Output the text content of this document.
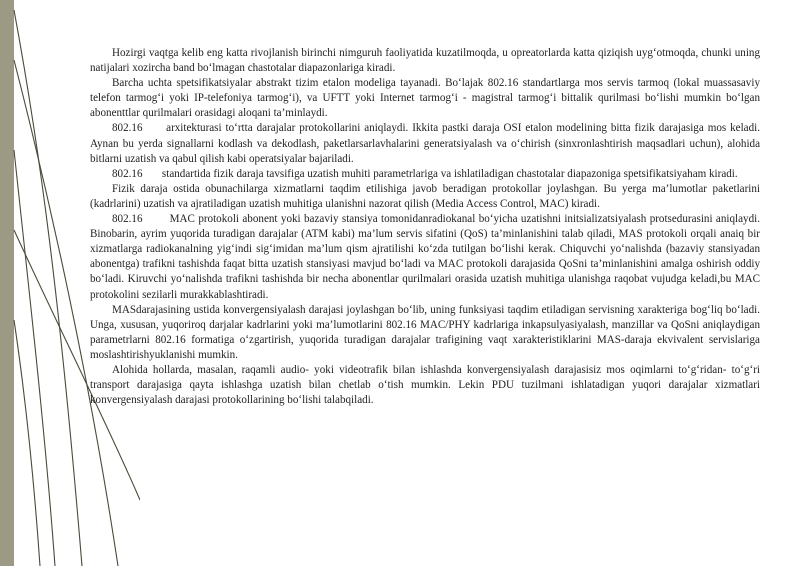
Hozirgi vaqtga kelib eng katta rivojlanish birinchi nimguruh faoliyatida kuzatilmoqda, u opreatorlarda katta qiziqish uyg‘otmoqda, chunki uning natijalari xozircha band bo‘lmagan chastotalar diapazonlariga kiradi.

Barcha uchta spetsifikatsiyalar abstrakt tizim etalon modeliga tayanadi. Bo‘lajak 802.16 standartlarga mos servis tarmoq (lokal muassasaviy telefon tarmog‘i yoki IP-telefoniya tarmog‘i), va UFTT yoki Internet tarmog‘i - magistral tarmog‘i bittalik qurilmasi bo‘lishi mumkin bo‘lgan abonenttlar qurilmalari orasidagi aloqani ta’minlaydi.

802.16      arxitekturasi to‘rtta darajalar protokollarini aniqlaydi. Ikkita pastki daraja OSI etalon modelining bitta fizik darajasiga mos keladi. Aynan bu yerda signallarni kodlash va dekodlash, paketlarsarlavhalarini generatsiyalash va o‘chirish (sinxronlashtirish maqsadlari uchun), alohida bitlarni uzatish va qabul qilish kabi operatsiyalar bajariladi.

802.16       standartida fizik daraja tavsifiga uzatish muhiti parametrlariga va ishlatiladigan chastotalar diapazoniga spetsifikatsiyaham kiradi.

Fizik daraja ostida obunachilarga xizmatlarni taqdim etilishiga javob beradigan protokollar joylashgan. Bu yerga ma’lumotlar paketlarini (kadrlarini) uzatish va ajratiladigan uzatish muhitiga ulanishni nazorat qilish (Media Access Control, MAC) kiradi.

802.16        MAC protokoli abonent yoki bazaviy stansiya tomonidanradiokanal bo‘yicha uzatishni initsializatsiyalash protsedurasini aniqlaydi. Binobarin, ayrim yuqorida turadigan darajalar (ATM kabi) ma’lum servis sifatini (QoS) ta’minlanishini talab qiladi, MAS protokoli orqali anaiq bir xizmatlarga radiokanalning yig‘indi sig‘imidan ma’lum qism ajratilishi ko‘zda tutilgan bo‘lishi kerak. Chiquvchi yo‘nalishda (bazaviy stansiyadan abonentga) trafikni tashishda faqat bitta uzatish stansiyasi mavjud bo‘ladi va MAC protokoli darajasida QoSni ta’minlanishini amalga oshirish oddiy bo‘ladi. Kiruvchi yo‘nalishda trafikni tashishda bir necha abonentlar qurilmalari orasida uzatish muhitiga ulanishga raqobat vujudga keladi,bu MAC protokolini sezilarli murakkablashtiradi.

MASdarajasining ustida konvergensiyalash darajasi joylashgan bo‘lib, uning funksiyasi taqdim etiladigan servisning xarakteriga bog‘liq bo‘ladi. Unga, xususan, yuqoriroq darjalar kadrlarini yoki ma’lumotlarini 802.16 MAC/PHY kadrlariga inkapsulyasiyalash, manzillar va QoSni aniqlaydigan parametrlarni 802.16 formatiga o‘zgartirish, yuqorida turadigan darajalar trafigining vaqt xarakteristiklarini MAS-daraja ekvivalent servislariga moslashtirishyuklanishi mumkin.

Alohida hollarda, masalan, raqamli audio- yoki videotrafik bilan ishlashda konvergensiyalash darajasisiz mos oqimlarni to‘g‘ridan- to‘g‘ri transport darajasiga qayta ishlashga uzatish bilan chetlab o‘tish mumkin. Lekin PDU tuzilmani ishlatadigan yuqori darajalar xizmatlari konvergensiyalash darajasi protokollarining bo‘lishi talabqiladi.
